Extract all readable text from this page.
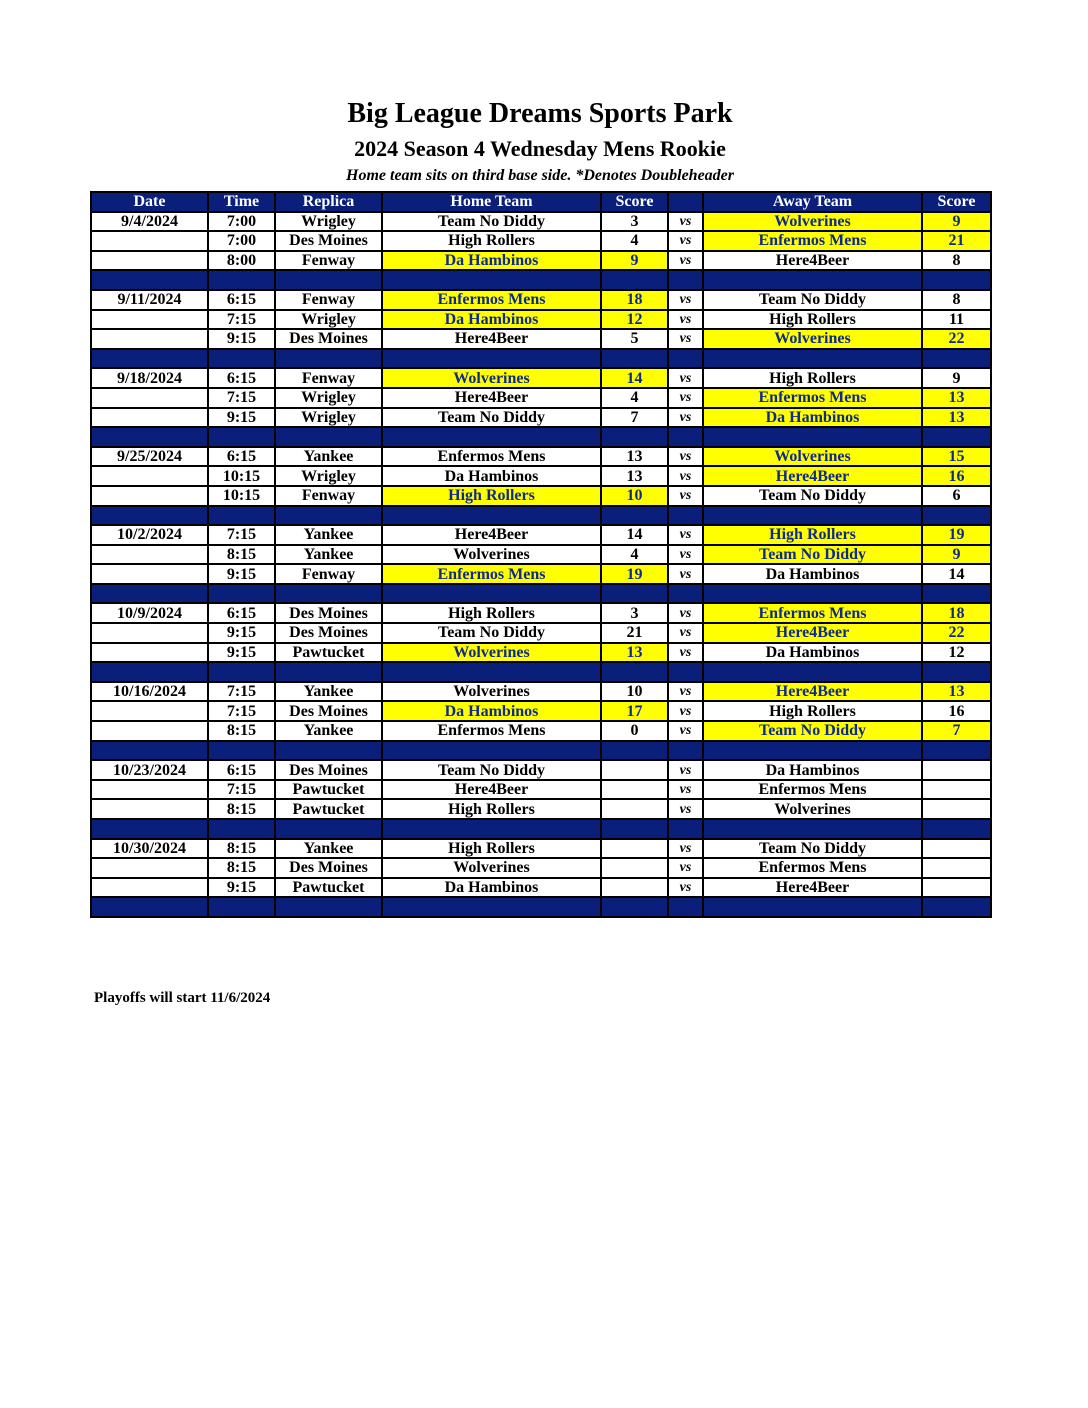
Big League Dreams Sports Park
2024 Season 4 Wednesday Mens Rookie

Home team sits on third base side. *Denotes Doubleheader

Date	Time	Replica	Home Team	Score		Away Team	Score
9/4/2024	7:00	Wrigley	Team No Diddy	3	vs	Wolverines	9
	7:00	Des Moines	High Rollers	4	vs	Enfermos Mens	21
	8:00	Fenway	Da Hambinos	9	vs	Here4Beer	8

9/11/2024	6:15	Fenway	Enfermos Mens	18	vs	Team No Diddy	8
	7:15	Wrigley	Da Hambinos	12	vs	High Rollers	11
	9:15	Des Moines	Here4Beer	5	vs	Wolverines	22

9/18/2024	6:15	Fenway	Wolverines	14	vs	High Rollers	9
	7:15	Wrigley	Here4Beer	4	vs	Enfermos Mens	13
	9:15	Wrigley	Team No Diddy	7	vs	Da Hambinos	13

9/25/2024	6:15	Yankee	Enfermos Mens	13	vs	Wolverines	15
	10:15	Wrigley	Da Hambinos	13	vs	Here4Beer	16
	10:15	Fenway	High Rollers	10	vs	Team No Diddy	6

10/2/2024	7:15	Yankee	Here4Beer	14	vs	High Rollers	19
	8:15	Yankee	Wolverines	4	vs	Team No Diddy	9
	9:15	Fenway	Enfermos Mens	19	vs	Da Hambinos	14

10/9/2024	6:15	Des Moines	High Rollers	3	vs	Enfermos Mens	18
	9:15	Des Moines	Team No Diddy	21	vs	Here4Beer	22
	9:15	Pawtucket	Wolverines	13	vs	Da Hambinos	12

10/16/2024	7:15	Yankee	Wolverines	10	vs	Here4Beer	13
	7:15	Des Moines	Da Hambinos	17	vs	High Rollers	16
	8:15	Yankee	Enfermos Mens	0	vs	Team No Diddy	7

10/23/2024	6:15	Des Moines	Team No Diddy		vs	Da Hambinos	
	7:15	Pawtucket	Here4Beer		vs	Enfermos Mens	
	8:15	Pawtucket	High Rollers		vs	Wolverines	

10/30/2024	8:15	Yankee	High Rollers		vs	Team No Diddy	
	8:15	Des Moines	Wolverines		vs	Enfermos Mens	
	9:15	Pawtucket	Da Hambinos		vs	Here4Beer	

Playoffs will start 11/6/2024
